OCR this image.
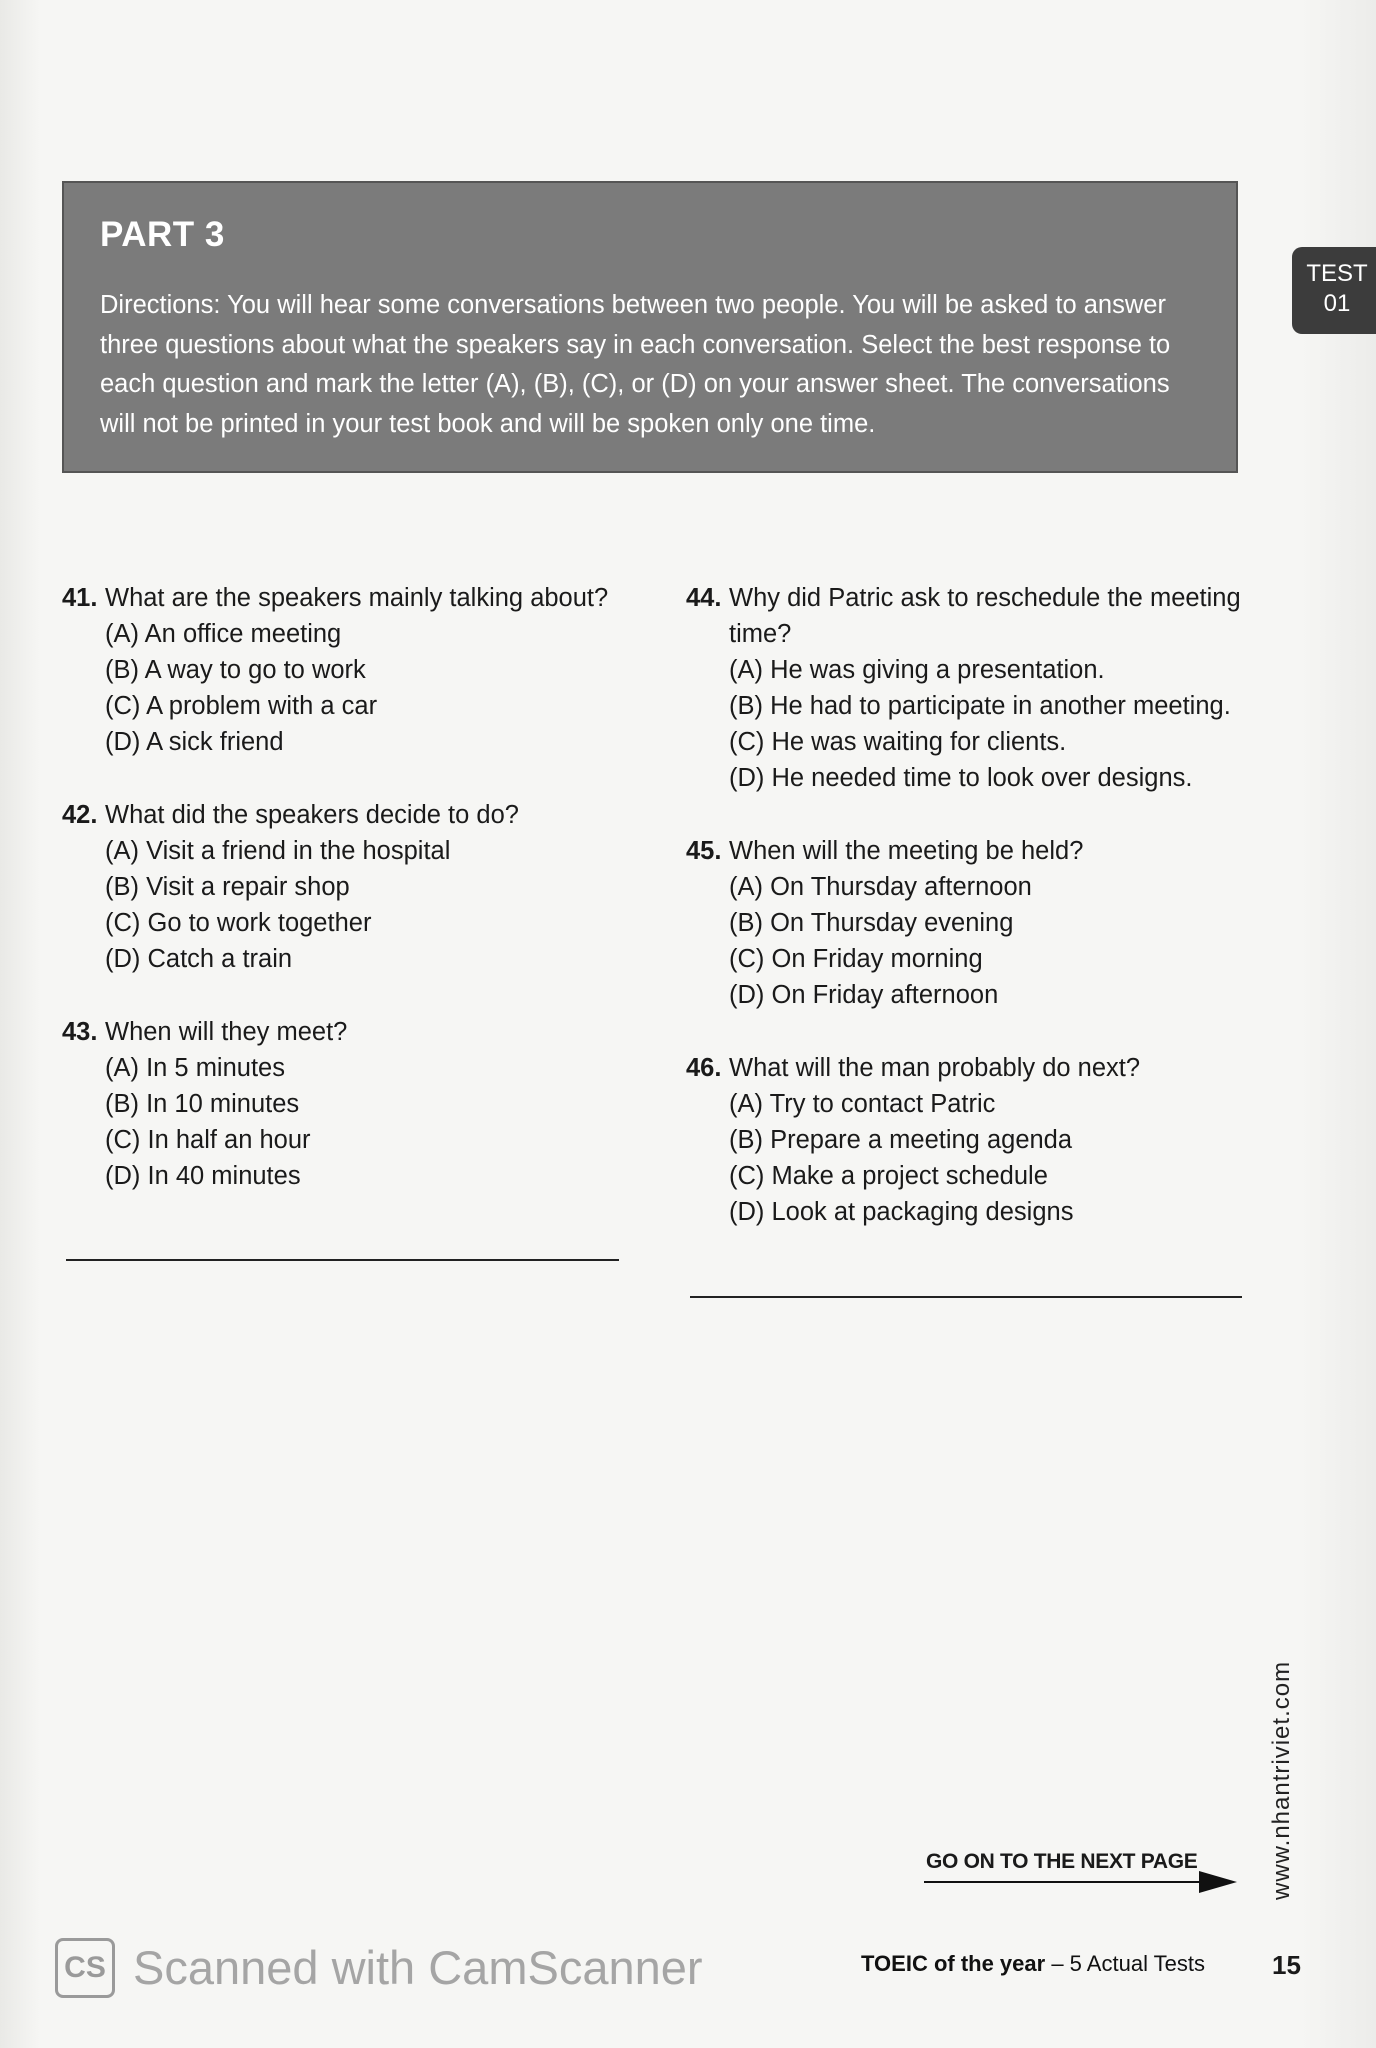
PART 3
Directions: You will hear some conversations between two people. You will be asked to answer three questions about what the speakers say in each conversation. Select the best response to each question and mark the letter (A), (B), (C), or (D) on your answer sheet. The conversations will not be printed in your test book and will be spoken only one time.
TEST
01
41. What are the speakers mainly talking about?
(A) An office meeting
(B) A way to go to work
(C) A problem with a car
(D) A sick friend
42. What did the speakers decide to do?
(A) Visit a friend in the hospital
(B) Visit a repair shop
(C) Go to work together
(D) Catch a train
43. When will they meet?
(A) In 5 minutes
(B) In 10 minutes
(C) In half an hour
(D) In 40 minutes
44. Why did Patric ask to reschedule the meeting time?
(A) He was giving a presentation.
(B) He had to participate in another meeting.
(C) He was waiting for clients.
(D) He needed time to look over designs.
45. When will the meeting be held?
(A) On Thursday afternoon
(B) On Thursday evening
(C) On Friday morning
(D) On Friday afternoon
46. What will the man probably do next?
(A) Try to contact Patric
(B) Prepare a meeting agenda
(C) Make a project schedule
(D) Look at packaging designs
GO ON TO THE NEXT PAGE	www.nhantriviet.com
TOEIC of the year – 5 Actual Tests	15
CS Scanned with CamScanner
